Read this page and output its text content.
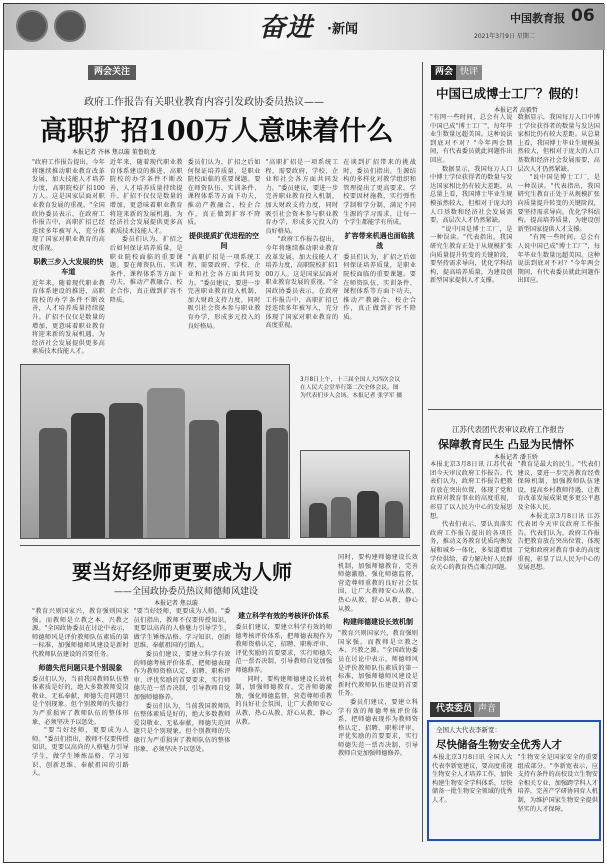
奋进 ·新闻
中国教育报 06
2021年3月9日 星期二
两会关注
政府工作报告有关职业教育内容引发政协委员热议——
高职扩招100万人意味着什么
本报记者 齐林 焦以璇 董鲁皖龙

"政府工作报告提出，今年将继续推动职业教育改革发展，加大技能人才培养力度，高职院校扩招100万人。这是国家层面对职业教育发展的重视。"全国政协委员表示，在政府工作报告中，高职扩招已经连续多年被写入，充分体现了国家对职业教育的高度重视。

职教三步入大发展的快车道

近年来，随着现代职业教育体系建设的推进，高职院校的办学条件不断改善，人才培养质量持续提升。扩招不仅仅是数量的增加，更意味着职业教育将迎来新的发展机遇，为经济社会发展提供更多高素质技术技能人才。

近年来，随着现代职业教育体系建设的推进，高职院校的办学条件不断改善，人才培养质量持续提升。扩招不仅仅是数量的增加，更意味着职业教育将迎来新的发展机遇，为经济社会发展提供更多高素质技术技能人才。

委员们认为，扩招之后如何保证培养质量，是职业院校面临的重要课题。要在师资队伍、实训条件、课程体系等方面下功夫，推动产教融合、校企合作，真正做到扩容不降质。

委员们认为，扩招之后如何保证培养质量，是职业院校面临的重要课题。要在师资队伍、实训条件、课程体系等方面下功夫，推动产教融合、校企合作，真正做到扩容不降质。

提供提质扩优进程的空间

"高职扩招是一项系统工程，需要政府、学校、企业和社会各方面共同发力。"委员建议，要进一步完善职业教育投入机制，加大财政支持力度，同时吸引社会资本参与职业教育办学，形成多元投入的良好格局。

"高职扩招是一项系统工程，需要政府、学校、企业和社会各方面共同发力。"委员建议，要进一步完善职业教育投入机制，加大财政支持力度，同时吸引社会资本参与职业教育办学，形成多元投入的良好格局。

"政府工作报告提出，今年将继续推动职业教育改革发展，加大技能人才培养力度，高职院校扩招100万人。这是国家层面对职业教育发展的重视。"全国政协委员表示，在政府工作报告中，高职扩招已经连续多年被写入，充分体现了国家对职业教育的高度重视。

在谈到扩招带来的挑战时，委员们指出，生源结构的多样化对教学组织和管理提出了更高要求。学校要因材施教，实行弹性学制和学分制，满足不同生源的学习需求，让每一个学生都能学有所成。

扩容带来机遇也面临挑战

委员们认为，扩招之后如何保证培养质量，是职业院校面临的重要课题。要在师资队伍、实训条件、课程体系等方面下功夫，推动产教融合、校企合作，真正做到扩容不降质。

3月8日上午，十三届全国人大四次会议在人民大会堂举行第二次全体会议。图为代表们步入会场。本报记者 张学军 摄
要当好经师更要成为人师
——全国政协委员热议师德师风建设
本报记者 焦以璇

"教育兴则国家兴，教育强则国家强。而教师是立教之本、兴教之源。"全国政协委员在讨论中表示，师德师风是评价教师队伍素质的第一标准，加强师德师风建设是新时代教师队伍建设的首要任务。

师德失范问题只是个别现象

委员们认为，当前我国教师队伍整体素质是好的，绝大多数教师爱岗敬业、无私奉献，师德失范问题只是个别现象。但个别教师的失德行为严重损害了教师队伍的整体形象，必须坚决予以惩处。

"要当好经师，更要成为人师。"委员们指出，教师不仅要传授知识，更要以高尚的人格魅力引导学生，做学生锤炼品格、学习知识、创新思维、奉献祖国的引路人。

"要当好经师，更要成为人师。"委员们指出，教师不仅要传授知识，更要以高尚的人格魅力引导学生，做学生锤炼品格、学习知识、创新思维、奉献祖国的引路人。

委员们建议，要建立科学有效的师德考核评价体系，把师德表现作为教师资格认定、招聘、职称评审、评优奖励的首要要求，实行师德失范一票否决制，引导教师自觉加强师德修养。

委员们认为，当前我国教师队伍整体素质是好的，绝大多数教师爱岗敬业、无私奉献，师德失范问题只是个别现象。但个别教师的失德行为严重损害了教师队伍的整体形象，必须坚决予以惩处。

建立科学有效的考核评价体系

委员们建议，要建立科学有效的师德考核评价体系，把师德表现作为教师资格认定、招聘、职称评审、评优奖励的首要要求，实行师德失范一票否决制，引导教师自觉加强师德修养。

同时，要构建师德建设长效机制，加强师德教育，完善师德激励，强化师德监督，营造尊师重教的良好社会氛围，让广大教师安心从教、热心从教、舒心从教、静心从教。

同时，要构建师德建设长效机制，加强师德教育，完善师德激励，强化师德监督，营造尊师重教的良好社会氛围，让广大教师安心从教、热心从教、舒心从教、静心从教。

构建师德建设长效机制

"教育兴则国家兴，教育强则国家强。而教师是立教之本、兴教之源。"全国政协委员在讨论中表示，师德师风是评价教师队伍素质的第一标准，加强师德师风建设是新时代教师队伍建设的首要任务。

委员们建议，要建立科学有效的师德考核评价体系，把师德表现作为教师资格认定、招聘、职称评审、评优奖励的首要要求，实行师德失范一票否决制，引导教师自觉加强师德修养。

两会 快评
中国已成博士工厂？假的！
本报记者 高毅哲

"有网一些时间，总会有人说中国已成"博士工厂"，每年毕业生数量远超美国。这种说法到底对不对？"今年两会期间，有代表委员就此问题作出回应。

数据显示，我国每万人口中博士学位获得者的数量与发达国家相比仍有较大差距。从总量上看，我国博士毕业生规模虽然较大，但相对于庞大的人口基数和经济社会发展需要，高层次人才仍然紧缺。

"说中国是博士工厂，是一种误读。"代表指出，我国研究生教育正处于从规模扩张向质量提升转变的关键阶段，要坚持需求导向，优化学科结构，提高培养质量，为建设创新型国家提供人才支撑。

数据显示，我国每万人口中博士学位获得者的数量与发达国家相比仍有较大差距。从总量上看，我国博士毕业生规模虽然较大，但相对于庞大的人口基数和经济社会发展需要，高层次人才仍然紧缺。

"说中国是博士工厂，是一种误读。"代表指出，我国研究生教育正处于从规模扩张向质量提升转变的关键阶段，要坚持需求导向，优化学科结构，提高培养质量，为建设创新型国家提供人才支撑。

"有网一些时间，总会有人说中国已成"博士工厂"，每年毕业生数量远超美国。这种说法到底对不对？"今年两会期间，有代表委员就此问题作出回应。

江苏代表团代表审议政府工作报告
保障教育民生 凸显为民情怀
本报记者 潘玉娇

本报北京3月8日讯 江苏代表团今天审议政府工作报告。代表们认为，政府工作报告把教育放在突出位置，体现了党和政府对教育事业的高度重视，彰显了以人民为中心的发展思想。

代表们表示，要认真落实政府工作报告提出的各项任务，推动义务教育优质均衡发展和城乡一体化，多渠道增加学位供给，着力解决好人民群众关心的教育热点难点问题。

"教育是最大的民生。"代表们建议，要进一步完善教育经费保障机制，加强教师队伍建设，提高乡村教师待遇，让教育改革发展成果更多更公平惠及全体人民。

本报北京3月8日讯 江苏代表团今天审议政府工作报告。代表们认为，政府工作报告把教育放在突出位置，体现了党和政府对教育事业的高度重视，彰显了以人民为中心的发展思想。

代表委员 声音
全国人大代表李新宽：
尽快储备生物安全优秀人才

本报北京3月8日讯 全国人大代表李新宽建议，要高度重视生物安全人才培养工作，加快构建生物安全学科体系，尽快储备一批生物安全领域的优秀人才。

"生物安全是国家安全的重要组成部分。"李新宽表示，应支持有条件的高校设立生物安全相关专业，加强跨学科人才培养，完善产学研协同育人机制，为维护国家生物安全提供坚实的人才保障。
